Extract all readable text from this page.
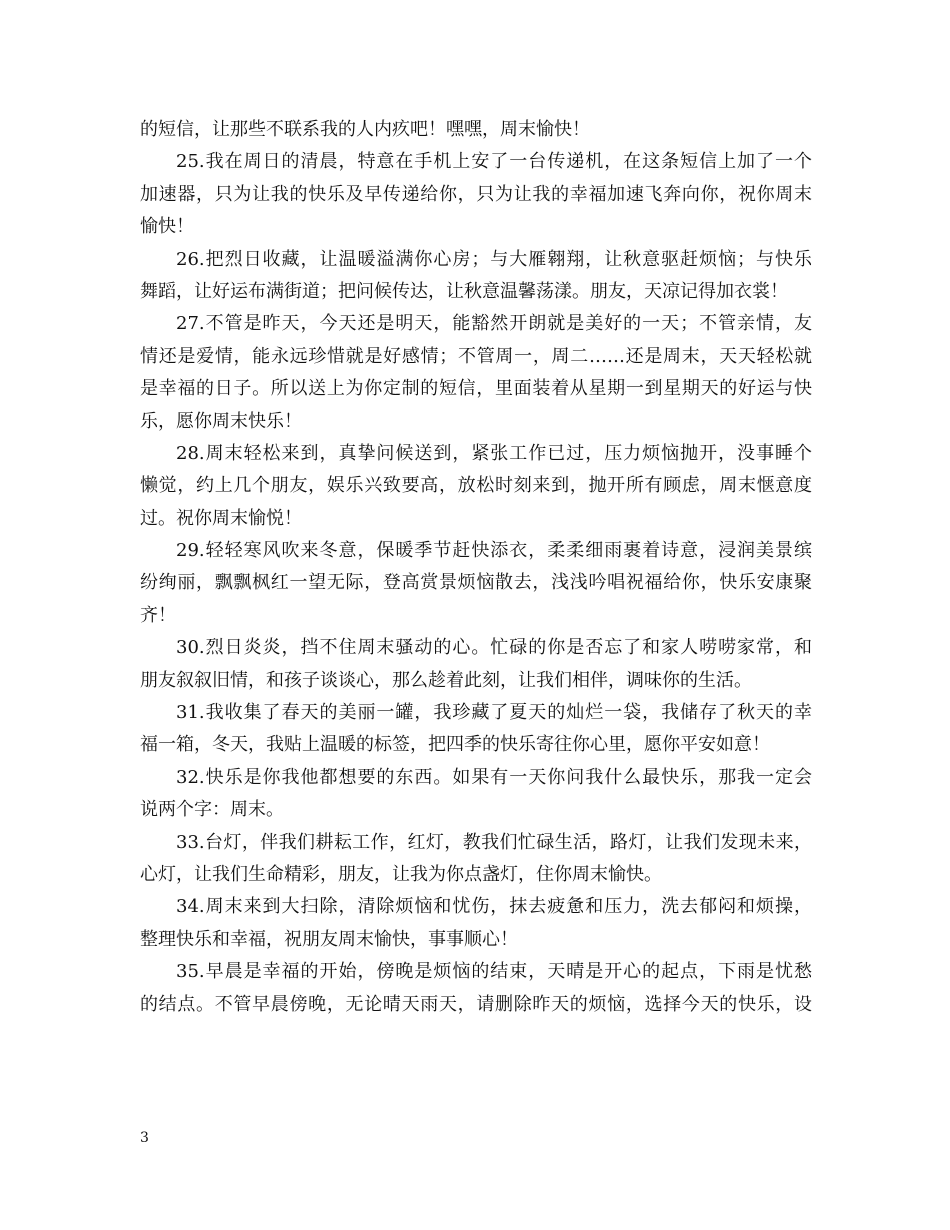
的短信，让那些不联系我的人内疚吧！嘿嘿，周末愉快！
25.我在周日的清晨，特意在手机上安了一台传递机，在这条短信上加了一个
加速器，只为让我的快乐及早传递给你，只为让我的幸福加速飞奔向你，祝你周末
愉快！
26.把烈日收藏，让温暖溢满你心房；与大雁翱翔，让秋意驱赶烦恼；与快乐
舞蹈，让好运布满街道；把问候传达，让秋意温馨荡漾。朋友，天凉记得加衣裳！
27.不管是昨天，今天还是明天，能豁然开朗就是美好的一天；不管亲情，友
情还是爱情，能永远珍惜就是好感情；不管周一，周二……还是周末，天天轻松就
是幸福的日子。所以送上为你定制的短信，里面装着从星期一到星期天的好运与快
乐，愿你周末快乐！
28.周末轻松来到，真挚问候送到，紧张工作已过，压力烦恼抛开，没事睡个
懒觉，约上几个朋友，娱乐兴致要高，放松时刻来到，抛开所有顾虑，周末惬意度
过。祝你周末愉悦！
29.轻轻寒风吹来冬意，保暖季节赶快添衣，柔柔细雨裹着诗意，浸润美景缤
纷绚丽，飘飘枫红一望无际，登高赏景烦恼散去，浅浅吟唱祝福给你，快乐安康聚
齐！
30.烈日炎炎，挡不住周末骚动的心。忙碌的你是否忘了和家人唠唠家常，和
朋友叙叙旧情，和孩子谈谈心，那么趁着此刻，让我们相伴，调味你的生活。
31.我收集了春天的美丽一罐，我珍藏了夏天的灿烂一袋，我储存了秋天的幸
福一箱，冬天，我贴上温暖的标签，把四季的快乐寄往你心里，愿你平安如意！
32.快乐是你我他都想要的东西。如果有一天你问我什么最快乐，那我一定会
说两个字：周末。
33.台灯，伴我们耕耘工作，红灯，教我们忙碌生活，路灯，让我们发现未来，
心灯，让我们生命精彩，朋友，让我为你点盏灯，住你周末愉快。
34.周末来到大扫除，清除烦恼和忧伤，抹去疲惫和压力，洗去郁闷和烦操，
整理快乐和幸福，祝朋友周末愉快，事事顺心！
35.早晨是幸福的开始，傍晚是烦恼的结束，天晴是开心的起点，下雨是忧愁
的结点。不管早晨傍晚，无论晴天雨天，请删除昨天的烦恼，选择今天的快乐，设
3
